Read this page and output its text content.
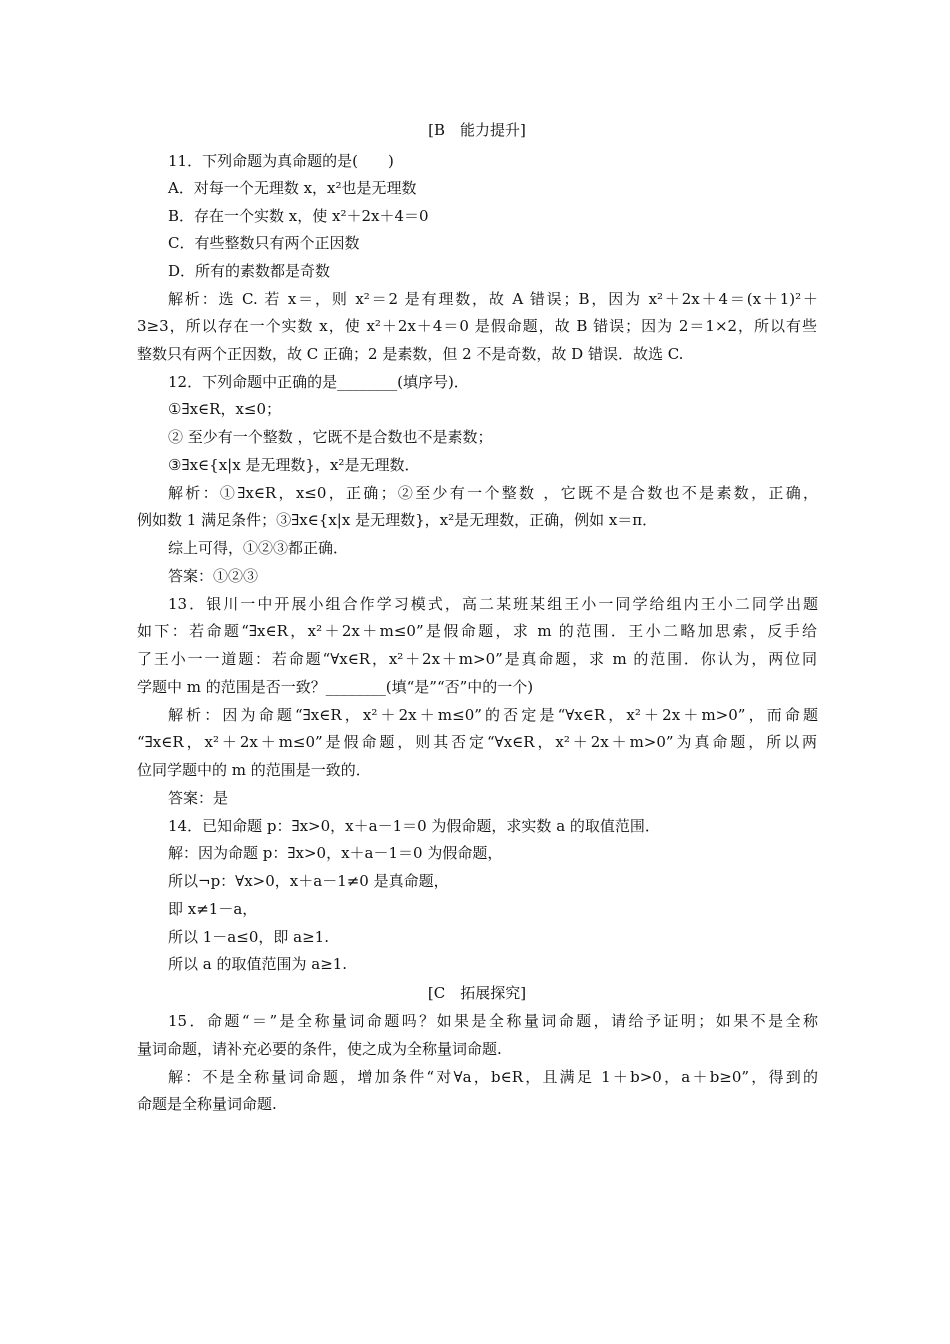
[B　能力提升]
11．下列命题为真命题的是(　　)
A．对每一个无理数 x，x²也是无理数
B．存在一个实数 x，使 x²＋2x＋4＝0
C．有些整数只有两个正因数
D．所有的素数都是奇数
解析：选 C. 若 x＝，则 x²＝2 是有理数，故 A 错误；B，因为 x²＋2x＋4＝(x＋1)²＋
3≥3，所以存在一个实数 x，使 x²＋2x＋4＝0 是假命题，故 B 错误；因为 2＝1×2，所以有些
整数只有两个正因数，故 C 正确；2 是素数，但 2 不是奇数，故 D 错误．故选 C.
12．下列命题中正确的是________(填序号)．
①∃x∈R，x≤0；
② 至少有一个整数 ，它既不是合数也不是素数；
③∃x∈{x|x 是无理数}，x²是无理数．
解析：①∃x∈R，x≤0，正确；②至少有一个整数 ，它既不是合数也不是素数，正确，
例如数 1 满足条件；③∃x∈{x|x 是无理数}，x²是无理数，正确，例如 x＝π．
综上可得，①②③都正确．
答案：①②③
13．银川一中开展小组合作学习模式，高二某班某组王小一同学给组内王小二同学出题
如下：若命题“∃x∈R，x²＋2x＋m≤0”是假命题，求 m 的范围．王小二略加思索，反手给
了王小一一道题：若命题“∀x∈R，x²＋2x＋m>0”是真命题，求 m 的范围．你认为，两位同
学题中 m 的范围是否一致？________(填“是”“否”中的一个)
解析：因为命题“∃x∈R，x²＋2x＋m≤0”的否定是“∀x∈R，x²＋2x＋m>0”，而命题
“∃x∈R，x²＋2x＋m≤0”是假命题，则其否定“∀x∈R，x²＋2x＋m>0”为真命题，所以两
位同学题中的 m 的范围是一致的．
答案：是
14．已知命题 p：∃x>0，x＋a－1＝0 为假命题，求实数 a 的取值范围．
解：因为命题 p：∃x>0，x＋a－1＝0 为假命题，
所以¬p：∀x>0，x＋a－1≠0 是真命题，
即 x≠1－a，
所以 1－a≤0，即 a≥1.
所以 a 的取值范围为 a≥1.
[C　拓展探究]
15．命题“＝”是全称量词命题吗？如果是全称量词命题，请给予证明；如果不是全称
量词命题，请补充必要的条件，使之成为全称量词命题.
解：不是全称量词命题，增加条件“对∀a，b∈R，且满足 1＋b>0，a＋b≥0”，得到的
命题是全称量词命题.
